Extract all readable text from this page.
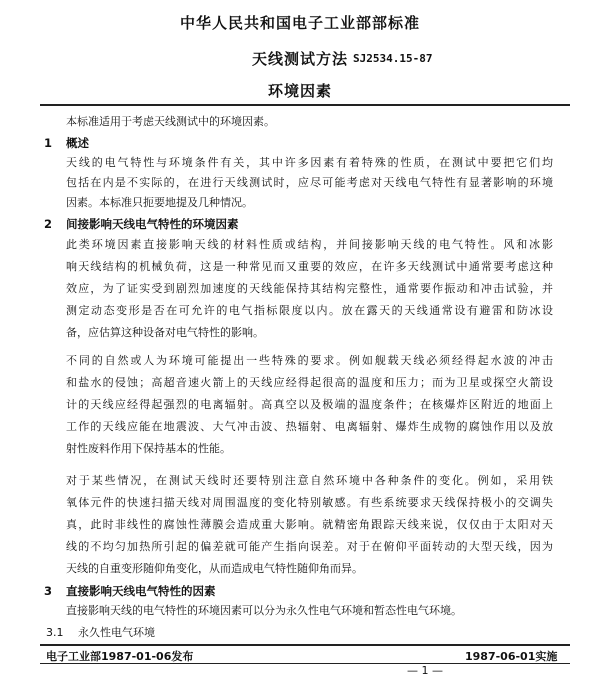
中华人民共和国电子工业部部标准
天线测试方法 SJ2534.15-87
环境因素
本标准适用于考虑天线测试中的环境因素。
1 概述
天线的电气特性与环境条件有关，其中许多因素有着特殊的性质，在测试中要把它们均
包括在内是不实际的，在进行天线测试时，应尽可能考虑对天线电气特性有显著影响的环境
因素。本标准只扼要地提及几种情况。
2 间接影响天线电气特性的环境因素
此类环境因素直接影响天线的材料性质或结构，并间接影响天线的电气特性。风和冰影
响天线结构的机械负荷，这是一种常见而又重要的效应，在许多天线测试中通常要考虑这种
效应，为了证实受到剧烈加速度的天线能保持其结构完整性，通常要作振动和冲击试验，并
测定动态变形是否在可允许的电气指标限度以内。放在露天的天线通常设有避雷和防冰设
备，应估算这种设备对电气特性的影响。
不同的自然或人为环境可能提出一些特殊的要求。例如舰载天线必须经得起水波的冲击
和盐水的侵蚀；高超音速火箭上的天线应经得起很高的温度和压力；而为卫星或探空火箭设
计的天线应经得起强烈的电离辐射。高真空以及极端的温度条件；在核爆炸区附近的地面上
工作的天线应能在地震波、大气冲击波、热辐射、电离辐射、爆炸生成物的腐蚀作用以及放
射性废料作用下保持基本的性能。
对于某些情况，在测试天线时还要特别注意自然环境中各种条件的变化。例如，采用铁
氧体元件的快速扫描天线对周围温度的变化特别敏感。有些系统要求天线保持极小的交调失
真，此时非线性的腐蚀性薄膜会造成重大影响。就精密角跟踪天线来说，仅仅由于太阳对天
线的不均匀加热所引起的偏差就可能产生指向误差。对于在俯仰平面转动的大型天线，因为
天线的自重变形随仰角变化，从而造成电气特性随仰角而异。
3 直接影响天线电气特性的因素
直接影响天线的电气特性的环境因素可以分为永久性电气环境和暂态性电气环境。
3.1 永久性电气环境
电子工业部1987-01-06发布	1987-06-01实施
— 1 —
